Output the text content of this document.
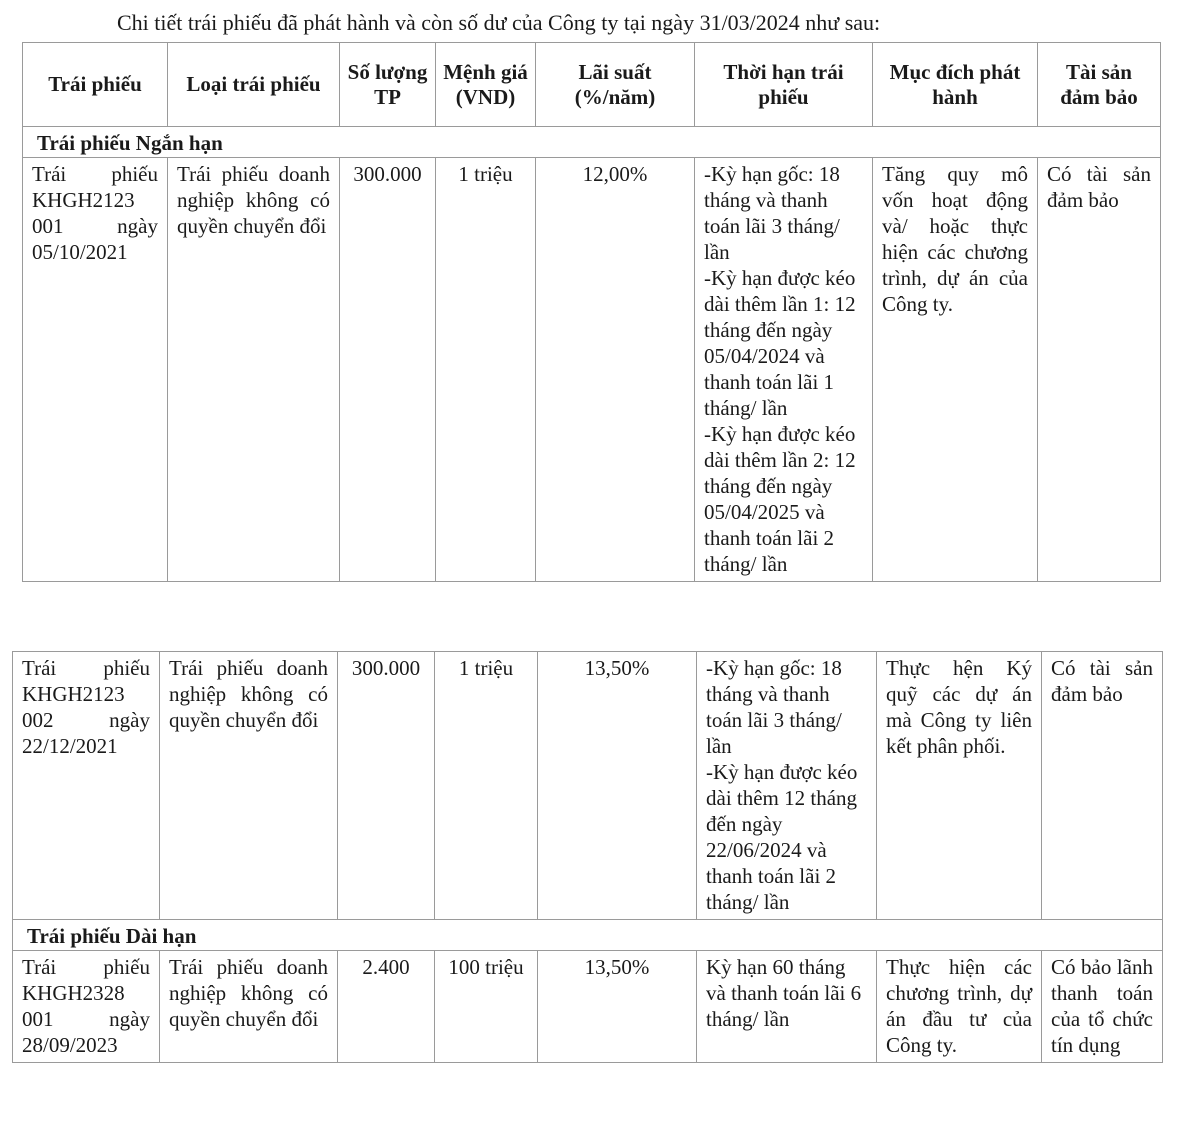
Chi tiết trái phiếu đã phát hành và còn số dư của Công ty tại ngày 31/03/2024 như sau:
Trái phiếu	Loại trái phiếu	Số lượng TP	Mệnh giá (VND)	Lãi suất (%/năm)	Thời hạn trái phiếu	Mục đích phát hành	Tài sản đảm bảo
Trái phiếu Ngắn hạn							
Trái phiếu KHGH2123 001 ngày 05/10/2021	Trái phiếu doanh nghiệp không có quyền chuyển đổi	300.000	1 triệu	12,00%	-Kỳ hạn gốc: 18 tháng và thanh toán lãi 3 tháng/ lần
-Kỳ hạn được kéo dài thêm lần 1: 12 tháng đến ngày 05/04/2024 và thanh toán lãi 1 tháng/ lần
-Kỳ hạn được kéo dài thêm lần 2: 12 tháng đến ngày 05/04/2025 và thanh toán lãi 2 tháng/ lần	Tăng quy mô vốn hoạt động và/ hoặc thực hiện các chương trình, dự án của Công ty.	Có tài sản đảm bảo
Trái phiếu KHGH2123 002 ngày 22/12/2021	Trái phiếu doanh nghiệp không có quyền chuyển đổi	300.000	1 triệu	13,50%	-Kỳ hạn gốc: 18 tháng và thanh toán lãi 3 tháng/ lần
-Kỳ hạn được kéo dài thêm 12 tháng đến ngày 22/06/2024 và thanh toán lãi 2 tháng/ lần	Thực hện Ký quỹ các dự án mà Công ty liên kết phân phối.	Có tài sản đảm bảo
Trái phiếu Dài hạn							
Trái phiếu KHGH2328 001 ngày 28/09/2023	Trái phiếu doanh nghiệp không có quyền chuyển đổi	2.400	100 triệu	13,50%	Kỳ hạn 60 tháng và thanh toán lãi 6 tháng/ lần	Thực hiện các chương trình, dự án đầu tư của Công ty.	Có bảo lãnh thanh toán của tổ chức tín dụng
